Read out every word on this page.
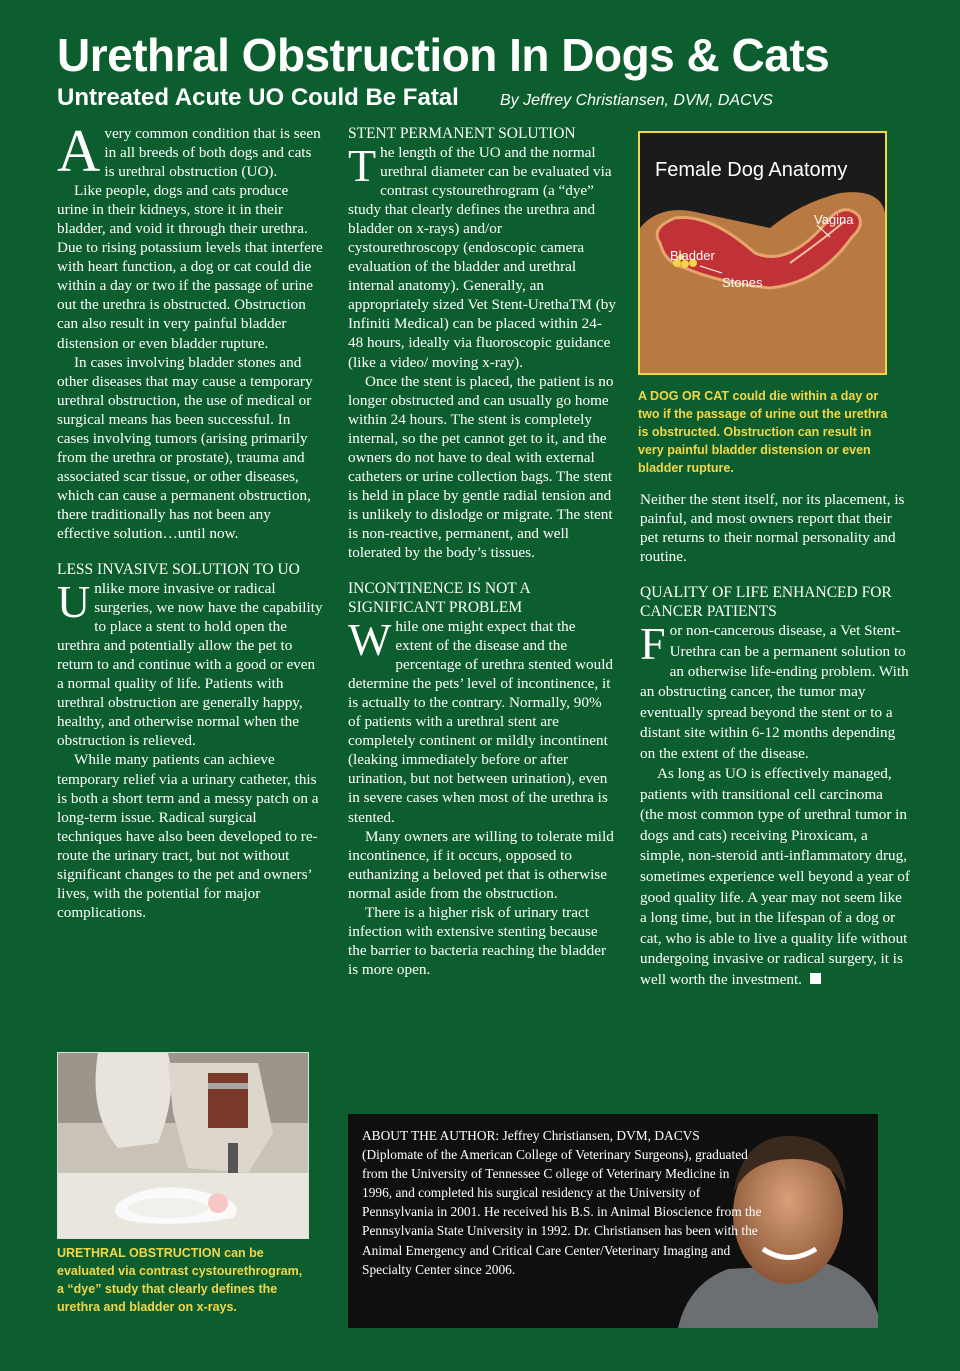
Urethral Obstruction In Dogs & Cats
Untreated Acute UO Could Be Fatal	By Jeffrey Christiansen, DVM, DACVS

Avery common condition that is seen in all breeds of both dogs and cats is urethral obstruction (UO).

Like people, dogs and cats produce urine in their kidneys, store it in their bladder, and void it through their urethra. Due to rising potassium levels that interfere with heart function, a dog or cat could die within a day or two if the passage of urine out the urethra is obstructed. Obstruction can also result in very painful bladder distension or even bladder rupture.

In cases involving bladder stones and other diseases that may cause a temporary urethral obstruction, the use of medical or surgical means has been successful. In cases involving tumors (arising primarily from the urethra or prostate), trauma and associated scar tissue, or other diseases, which can cause a permanent obstruction, there traditionally has not been any effective solution…until now.

LESS INVASIVE SOLUTION TO UO

Unlike more invasive or radical surgeries, we now have the capability to place a stent to hold open the urethra and potentially allow the pet to return to and continue with a good or even a normal quality of life. Patients with urethral obstruction are generally happy, healthy, and otherwise normal when the obstruction is relieved.

While many patients can achieve temporary relief via a urinary catheter, this is both a short term and a messy patch on a long-term issue. Radical surgical techniques have also been developed to re-route the urinary tract, but not without significant changes to the pet and owners’ lives, with the potential for major complications.

URETHRAL OBSTRUCTION can be evaluated via contrast cystourethrogram, a “dye” study that clearly defines the urethra and bladder on x-rays.
STENT PERMANENT SOLUTION

The length of the UO and the normal urethral diameter can be evaluated via contrast cystourethrogram (a “dye” study that clearly defines the urethra and bladder on x-rays) and/or cystourethroscopy (endoscopic camera evaluation of the bladder and urethral internal anatomy). Generally, an appropriately sized Vet Stent-UrethaTM (by Infiniti Medical) can be placed within 24-48 hours, ideally via fluoroscopic guidance (like a video/ moving x-ray).

Once the stent is placed, the patient is no longer obstructed and can usually go home within 24 hours. The stent is completely internal, so the pet cannot get to it, and the owners do not have to deal with external catheters or urine collection bags. The stent is held in place by gentle radial tension and is unlikely to dislodge or migrate. The stent is non-reactive, permanent, and well tolerated by the body’s tissues.

INCONTINENCE IS NOT A SIGNIFICANT PROBLEM

While one might expect that the extent of the disease and the percentage of urethra stented would determine the pets’ level of incontinence, it is actually to the contrary. Normally, 90% of patients with a urethral stent are completely continent or mildly incontinent (leaking immediately before or after urination, but not between urination), even in severe cases when most of the urethra is stented.

Many owners are willing to tolerate mild incontinence, if it occurs, opposed to euthanizing a beloved pet that is otherwise normal aside from the obstruction.

There is a higher risk of urinary tract infection with extensive stenting because the barrier to bacteria reaching the bladder is more open.

Female Dog Anatomy
Vagina
Bladder
Stones
A DOG OR CAT could die within a day or two if the passage of urine out the urethra is obstructed. Obstruction can result in very painful bladder distension or even bladder rupture.

Neither the stent itself, nor its placement, is painful, and most owners report that their pet returns to their normal personality and routine.

QUALITY OF LIFE ENHANCED FOR CANCER PATIENTS

For non-cancerous disease, a Vet Stent-Urethra can be a permanent solution to an otherwise life-ending problem. With an obstructing cancer, the tumor may eventually spread beyond the stent or to a distant site within 6-12 months depending on the extent of the disease.

As long as UO is effectively managed, patients with transitional cell carcinoma (the most common type of urethral tumor in dogs and cats) receiving Piroxicam, a simple, non-steroid anti-inflammatory drug, sometimes experience well beyond a year of good quality life. A year may not seem like a long time, but in the lifespan of a dog or cat, who is able to live a quality life without undergoing invasive or radical surgery, it is well worth the investment.

ABOUT THE AUTHOR: Jeffrey Christiansen, DVM, DACVS (Diplomate of the American College of Veterinary Surgeons), graduated from the University of Tennessee C ollege of Veterinary Medicine in 1996, and completed his surgical residency at the University of Pennsylvania in 2001. He received his B.S. in Animal Bioscience from the Pennsylvania State University in 1992. Dr. Christiansen has been with the Animal Emergency and Critical Care Center/Veterinary Imaging and Specialty Center since 2006.
